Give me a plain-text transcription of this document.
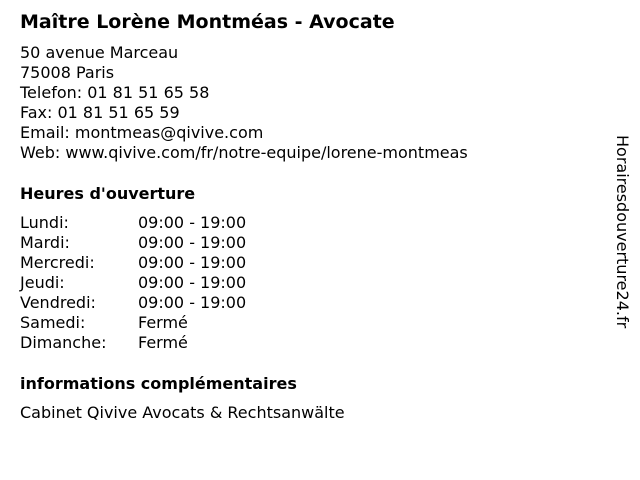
Maître Lorène Montméas - Avocate
50 avenue Marceau
75008 Paris
Telefon: 01 81 51 65 58
Fax: 01 81 51 65 59
Email: montmeas@qivive.com
Web: www.qivive.com/fr/notre-equipe/lorene-montmeas
Heures d'ouverture
Lundi:	09:00 - 19:00
Mardi:	09:00 - 19:00
Mercredi:	09:00 - 19:00
Jeudi:	09:00 - 19:00
Vendredi:	09:00 - 19:00
Samedi:	Fermé
Dimanche: Fermé
informations complémentaires
Cabinet Qivive Avocats & Rechtsanwälte
Horairesdouverture24.fr
